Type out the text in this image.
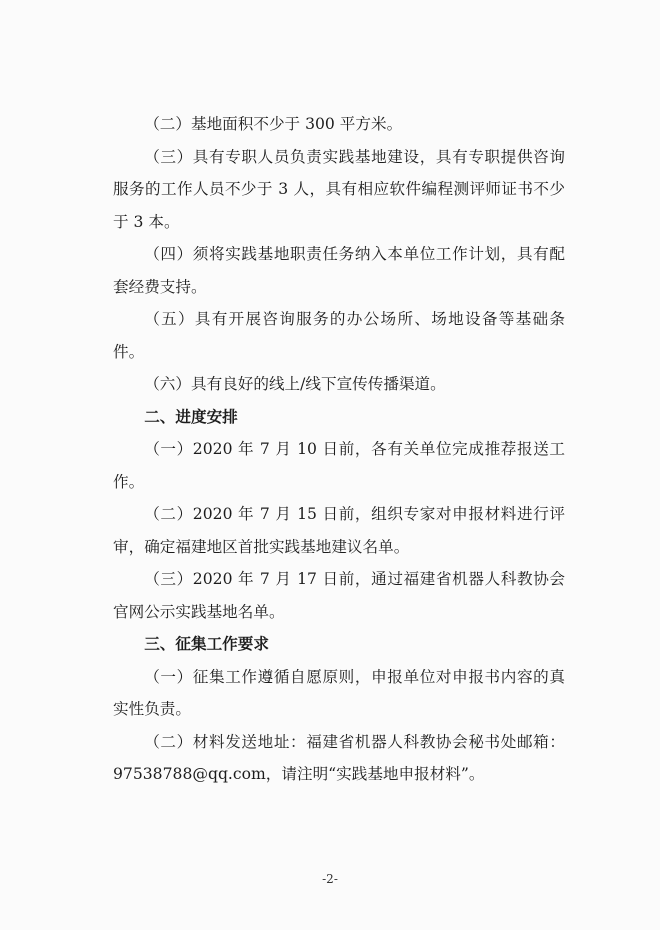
（二）基地面积不少于 300 平方米。

（三）具有专职人员负责实践基地建设，具有专职提供咨询服务的工作人员不少于 3 人，具有相应软件编程测评师证书不少于 3 本。

（四）须将实践基地职责任务纳入本单位工作计划，具有配套经费支持。

（五）具有开展咨询服务的办公场所、场地设备等基础条件。

（六）具有良好的线上/线下宣传传播渠道。

二、进度安排

（一）2020 年 7 月 10 日前，各有关单位完成推荐报送工作。

（二）2020 年 7 月 15 日前，组织专家对申报材料进行评审，确定福建地区首批实践基地建议名单。

（三）2020 年 7 月 17 日前，通过福建省机器人科教协会官网公示实践基地名单。

三、征集工作要求

（一）征集工作遵循自愿原则，申报单位对申报书内容的真实性负责。

（二）材料发送地址：福建省机器人科教协会秘书处邮箱：97538788@qq.com，请注明“实践基地申报材料”。

-2-
